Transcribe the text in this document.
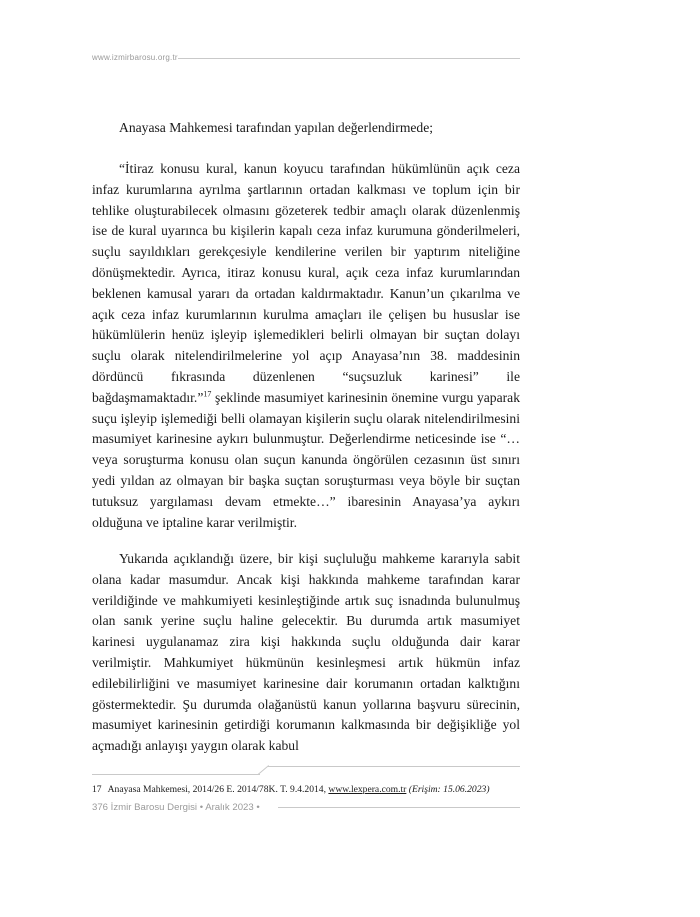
www.izmirbarosu.org.tr

Anayasa Mahkemesi tarafından yapılan değerlendirmede;

“İtiraz konusu kural, kanun koyucu tarafından hükümlünün açık ceza infaz kurumlarına ayrılma şartlarının ortadan kalkması ve toplum için bir tehlike oluşturabilecek olmasını gözeterek tedbir amaçlı olarak düzenlenmiş ise de kural uyarınca bu kişilerin kapalı ceza infaz kurumuna gönderilmeleri, suçlu sayıldıkları gerekçesiyle kendilerine verilen bir yaptırım niteliğine dönüşmektedir. Ayrıca, itiraz konusu kural, açık ceza infaz kurumlarından beklenen kamusal yararı da ortadan kaldırmaktadır. Kanun’un çıkarılma ve açık ceza infaz kurumlarının kurulma amaçları ile çelişen bu hususlar ise hükümlülerin henüz işleyip işlemedikleri belirli olmayan bir suçtan dolayı suçlu olarak nitelendirilmelerine yol açıp Anayasa’nın 38. maddesinin dördüncü fıkrasında düzenlenen “suçsuzluk karinesi” ile bağdaşmamaktadır.”$^{17}$ şeklinde masumiyet karinesinin önemine vurgu yaparak suçu işleyip işlemediği belli olamayan kişilerin suçlu olarak nitelendirilmesini masumiyet karinesine aykırı bulunmuştur. Değerlendirme neticesinde ise “…veya soruşturma konusu olan suçun kanunda öngörülen cezasının üst sınırı yedi yıldan az olmayan bir başka suçtan soruşturması veya böyle bir suçtan tutuksuz yargılaması devam etmekte…” ibaresinin Anayasa’ya aykırı olduğuna ve iptaline karar verilmiştir.

Yukarıda açıklandığı üzere, bir kişi suçluluğu mahkeme kararıyla sabit olana kadar masumdur. Ancak kişi hakkında mahkeme tarafından karar verildiğinde ve mahkumiyeti kesinleştiğinde artık suç isnadında bulunulmuş olan sanık yerine suçlu haline gelecektir. Bu durumda artık masumiyet karinesi uygulanamaz zira kişi hakkında suçlu olduğunda dair karar verilmiştir. Mahkumiyet hükmünün kesinleşmesi artık hükmün infaz edilebilirliğini ve masumiyet karinesine dair korumanın ortadan kalktığını göstermektedir. Şu durumda olağanüstü kanun yollarına başvuru sürecinin, masumiyet karinesinin getirdiği korumanın kalkmasında bir değişikliğe yol açmadığı anlayışı yaygın olarak kabul

17 Anayasa Mahkemesi, 2014/26 E. 2014/78K. T. 9.4.2014, www.lexpera.com.tr (Erişim: 15.06.2023)
376 İzmir Barosu Dergisi • Aralık 2023 •
